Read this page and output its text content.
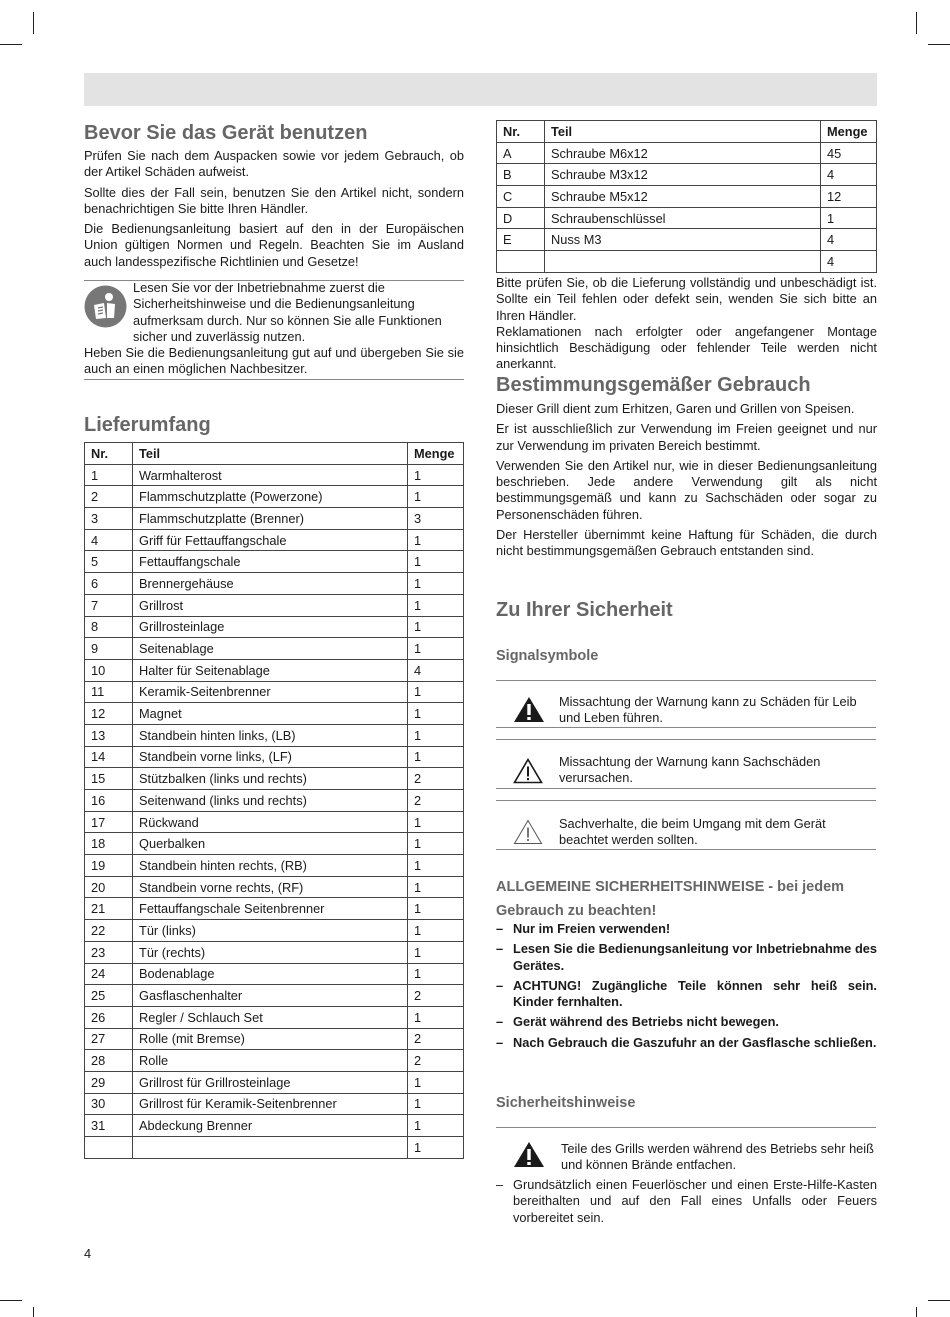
Bevor Sie das Gerät benutzen

Prüfen Sie nach dem Auspacken sowie vor jedem Gebrauch, ob der Artikel Schäden aufweist.

Sollte dies der Fall sein, benutzen Sie den Artikel nicht, sondern benachrichtigen Sie bitte Ihren Händler.

Die Bedienungsanleitung basiert auf den in der Europäischen Union gültigen Normen und Regeln. Beachten Sie im Ausland auch landesspezifische Richtlinien und Gesetze!

Lesen Sie vor der Inbetriebnahme zuerst die Sicherheitshinweise und die Bedienungsanleitung aufmerksam durch. Nur so können Sie alle Funktionen sicher und zuverlässig nutzen.

Heben Sie die Bedienungsanleitung gut auf und übergeben Sie sie auch an einen möglichen Nachbesitzer.

Lieferumfang
Nr.	Teil	Menge
1	Warmhalterost	1
2	Flammschutzplatte (Powerzone)	1
3	Flammschutzplatte (Brenner)	3
4	Griff für Fettauffangschale	1
5	Fettauffangschale	1
6	Brennergehäuse	1
7	Grillrost	1
8	Grillrosteinlage	1
9	Seitenablage	1
10	Halter für Seitenablage	4
11	Keramik-Seitenbrenner	1
12	Magnet	1
13	Standbein hinten links, (LB)	1
14	Standbein vorne links, (LF)	1
15	Stützbalken (links und rechts)	2
16	Seitenwand (links und rechts)	2
17	Rückwand	1
18	Querbalken	1
19	Standbein hinten rechts, (RB)	1
20	Standbein vorne rechts, (RF)	1
21	Fettauffangschale Seitenbrenner	1
22	Tür (links)	1
23	Tür (rechts)	1
24	Bodenablage	1
25	Gasflaschenhalter	2
26	Regler / Schlauch Set	1
27	Rolle (mit Bremse)	2
28	Rolle	2
29	Grillrost für Grillrosteinlage	1
30	Grillrost für Keramik-Seitenbrenner	1
31	Abdeckung Brenner	1
		1
4
Nr.	Teil	Menge
A	Schraube M6x12	45
B	Schraube M3x12	4
C	Schraube M5x12	12
D	Schraubenschlüssel	1
E	Nuss M3	4
		4

Bitte prüfen Sie, ob die Lieferung vollständig und unbeschädigt ist. Sollte ein Teil fehlen oder defekt sein, wenden Sie sich bitte an Ihren Händler.

Reklamationen nach erfolgter oder angefangener Montage hinsichtlich Beschädigung oder fehlender Teile werden nicht anerkannt.

Bestimmungsgemäßer Gebrauch

Dieser Grill dient zum Erhitzen, Garen und Grillen von Speisen.

Er ist ausschließlich zur Verwendung im Freien geeignet und nur zur Verwendung im privaten Bereich bestimmt.

Verwenden Sie den Artikel nur, wie in dieser Bedienungsanleitung beschrieben. Jede andere Verwendung gilt als nicht bestimmungsgemäß und kann zu Sachschäden oder sogar zu Personenschäden führen.

Der Hersteller übernimmt keine Haftung für Schäden, die durch nicht bestimmungsgemäßen Gebrauch entstanden sind.

Zu Ihrer Sicherheit
Signalsymbole
Missachtung der Warnung kann zu Schäden für Leib und Leben führen.
Missachtung der Warnung kann Sachschäden verursachen.
Sachverhalte, die beim Umgang mit dem Gerät beachtet werden sollten.
ALLGEMEINE SICHERHEITSHINWEISE - bei jedem
Gebrauch zu beachten!
– Nur im Freien verwenden!
– Lesen Sie die Bedienungsanleitung vor Inbetriebnahme des Gerätes.
– ACHTUNG! Zugängliche Teile können sehr heiß sein. Kinder fernhalten.
– Gerät während des Betriebs nicht bewegen.
– Nach Gebrauch die Gaszufuhr an der Gasflasche schließen.
Sicherheitshinweise
Teile des Grills werden während des Betriebs sehr heiß und können Brände entfachen.
– Grundsätzlich einen Feuerlöscher und einen Erste-Hilfe-Kasten bereithalten und auf den Fall eines Unfalls oder Feuers vorbereitet sein.
